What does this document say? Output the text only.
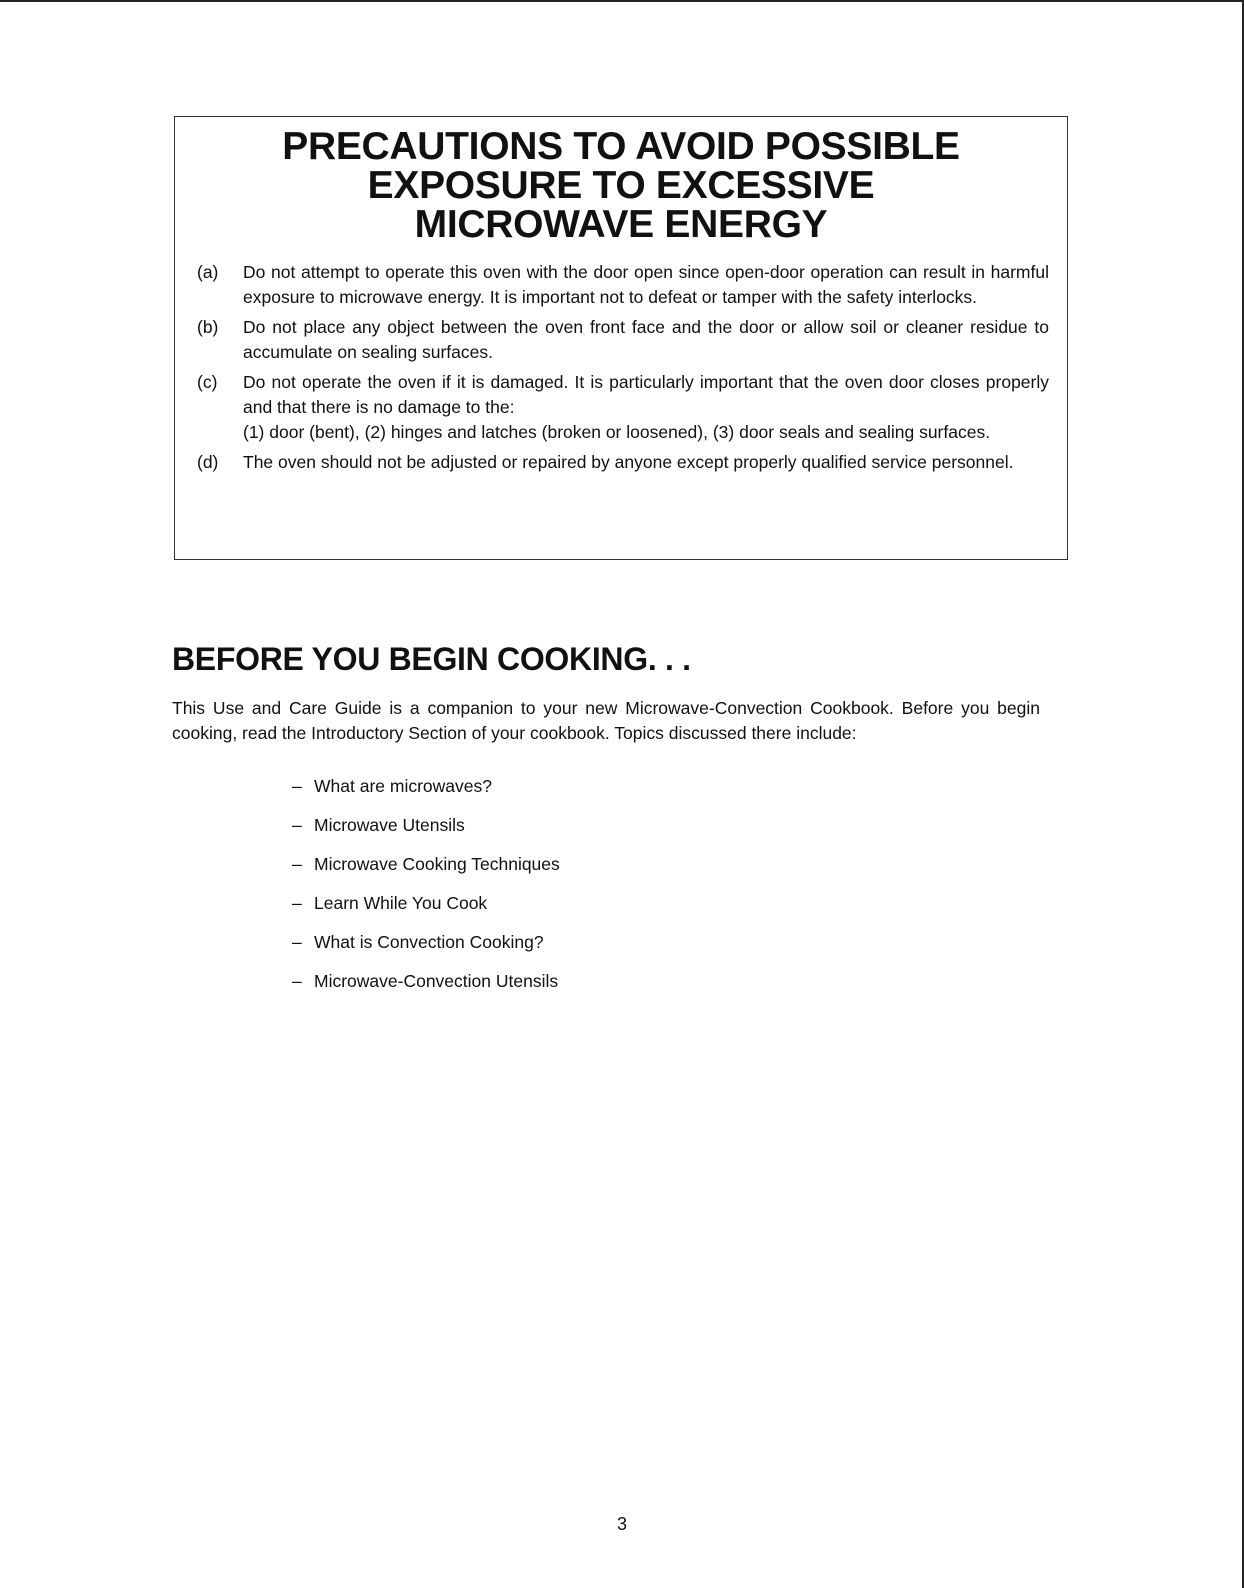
PRECAUTIONS TO AVOID POSSIBLE
EXPOSURE TO EXCESSIVE
MICROWAVE ENERGY
(a)	Do not attempt to operate this oven with the door open since open-door operation can result in harmful exposure to microwave energy. It is important not to defeat or tamper with the safety interlocks.
(b)	Do not place any object between the oven front face and the door or allow soil or cleaner residue to accumulate on sealing surfaces.
(c)	Do not operate the oven if it is damaged. It is particularly important that the oven door closes properly and that there is no damage to the:
(1) door (bent), (2) hinges and latches (broken or loosened), (3) door seals and sealing surfaces.
(d)	The oven should not be adjusted or repaired by anyone except properly qualified service personnel.
BEFORE YOU BEGIN COOKING. . .
This Use and Care Guide is a companion to your new Microwave-Convection Cookbook. Before you begin cooking, read the Introductory Section of your cookbook. Topics discussed there include:
– What are microwaves?
– Microwave Utensils
– Microwave Cooking Techniques
– Learn While You Cook
– What is Convection Cooking?
– Microwave-Convection Utensils
3
